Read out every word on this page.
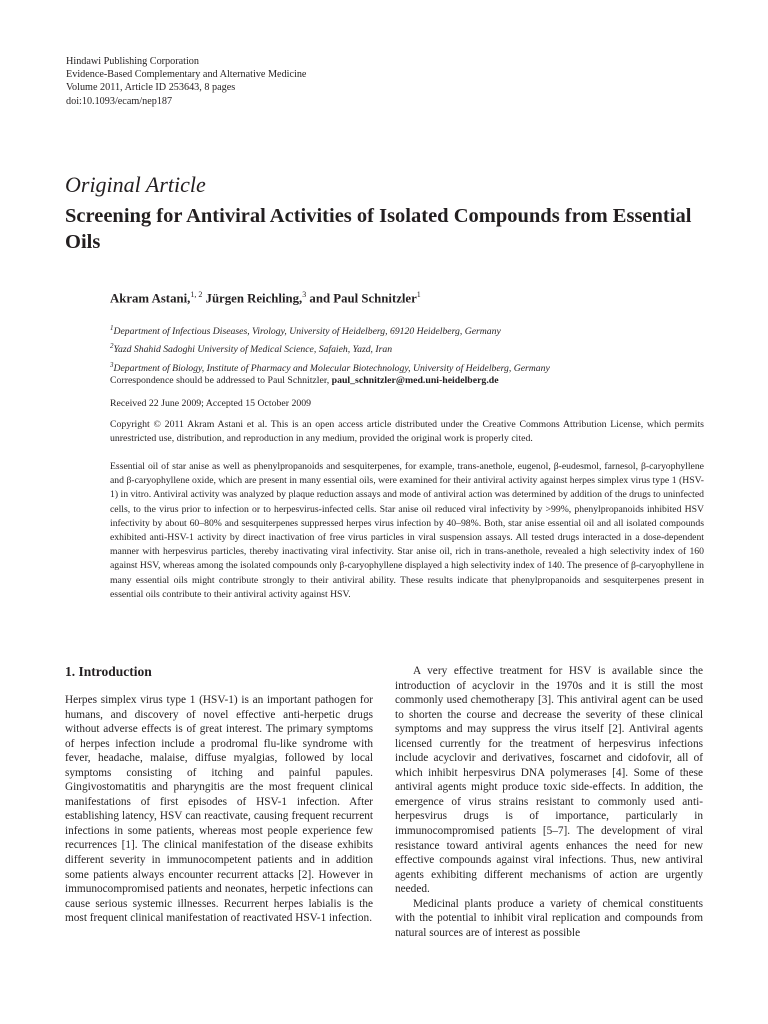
Hindawi Publishing Corporation
Evidence-Based Complementary and Alternative Medicine
Volume 2011, Article ID 253643, 8 pages
doi:10.1093/ecam/nep187
Original Article
Screening for Antiviral Activities of Isolated Compounds from Essential Oils
Akram Astani,$^{1, 2}$ Jürgen Reichling,$^3$ and Paul Schnitzler$^1$
$^1$Department of Infectious Diseases, Virology, University of Heidelberg, 69120 Heidelberg, Germany
$^2$Yazd Shahid Sadoghi University of Medical Science, Safaieh, Yazd, Iran
$^3$Department of Biology, Institute of Pharmacy and Molecular Biotechnology, University of Heidelberg, Germany
Correspondence should be addressed to Paul Schnitzler, paul_schnitzler@med.uni-heidelberg.de
Received 22 June 2009; Accepted 15 October 2009
Copyright © 2011 Akram Astani et al. This is an open access article distributed under the Creative Commons Attribution License, which permits unrestricted use, distribution, and reproduction in any medium, provided the original work is properly cited.
Essential oil of star anise as well as phenylpropanoids and sesquiterpenes, for example, trans-anethole, eugenol, β-eudesmol, farnesol, β-caryophyllene and β-caryophyllene oxide, which are present in many essential oils, were examined for their antiviral activity against herpes simplex virus type 1 (HSV-1) in vitro. Antiviral activity was analyzed by plaque reduction assays and mode of antiviral action was determined by addition of the drugs to uninfected cells, to the virus prior to infection or to herpesvirus-infected cells. Star anise oil reduced viral infectivity by >99%, phenylpropanoids inhibited HSV infectivity by about 60–80% and sesquiterpenes suppressed herpes virus infection by 40–98%. Both, star anise essential oil and all isolated compounds exhibited anti-HSV-1 activity by direct inactivation of free virus particles in viral suspension assays. All tested drugs interacted in a dose-dependent manner with herpesvirus particles, thereby inactivating viral infectivity. Star anise oil, rich in trans-anethole, revealed a high selectivity index of 160 against HSV, whereas among the isolated compounds only β-caryophyllene displayed a high selectivity index of 140. The presence of β-caryophyllene in many essential oils might contribute strongly to their antiviral ability. These results indicate that phenylpropanoids and sesquiterpenes present in essential oils contribute to their antiviral activity against HSV.
1. Introduction

Herpes simplex virus type 1 (HSV-1) is an important pathogen for humans, and discovery of novel effective anti-herpetic drugs without adverse effects is of great interest. The primary symptoms of herpes infection include a prodromal flu-like syndrome with fever, headache, malaise, diffuse myalgias, followed by local symptoms consisting of itching and painful papules. Gingivostomatitis and pharyngitis are the most frequent clinical manifestations of first episodes of HSV-1 infection. After establishing latency, HSV can reactivate, causing frequent recurrent infections in some patients, whereas most people experience few recurrences [1]. The clinical manifestation of the disease exhibits different severity in immunocompetent patients and in addition some patients always encounter recurrent attacks [2]. However in immunocompromised patients and neonates, herpetic infections can cause serious systemic illnesses. Recurrent herpes labialis is the most frequent clinical manifestation of reactivated HSV-1 infection.

A very effective treatment for HSV is available since the introduction of acyclovir in the 1970s and it is still the most commonly used chemotherapy [3]. This antiviral agent can be used to shorten the course and decrease the severity of these clinical symptoms and may suppress the virus itself [2]. Antiviral agents licensed currently for the treatment of herpesvirus infections include acyclovir and derivatives, foscarnet and cidofovir, all of which inhibit herpesvirus DNA polymerases [4]. Some of these antiviral agents might produce toxic side-effects. In addition, the emergence of virus strains resistant to commonly used anti-herpesvirus drugs is of importance, particularly in immunocompromised patients [5–7]. The development of viral resistance toward antiviral agents enhances the need for new effective compounds against viral infections. Thus, new antiviral agents exhibiting different mechanisms of action are urgently needed.

Medicinal plants produce a variety of chemical constituents with the potential to inhibit viral replication and compounds from natural sources are of interest as possible
